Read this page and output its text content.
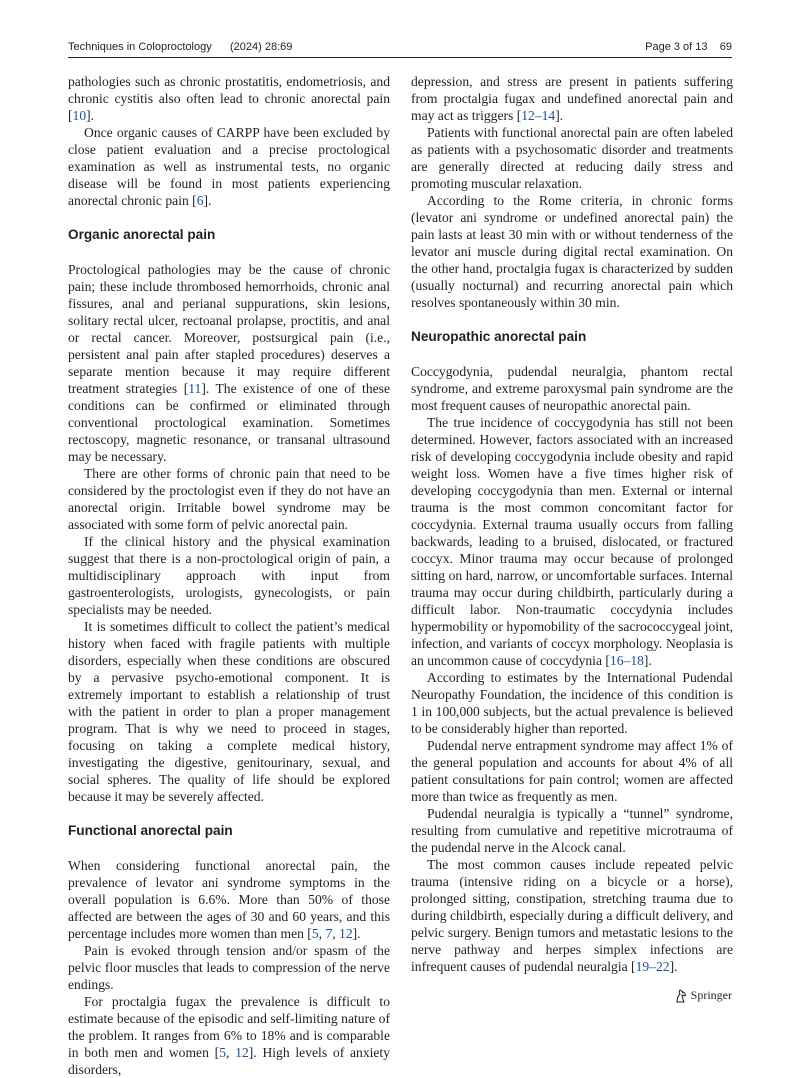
Techniques in Coloproctology (2024) 28:69	Page 3 of 13    69

pathologies such as chronic prostatitis, endometriosis, and chronic cystitis also often lead to chronic anorectal pain [10].

Once organic causes of CARPP have been excluded by close patient evaluation and a precise proctological examination as well as instrumental tests, no organic disease will be found in most patients experiencing anorectal chronic pain [6].

Organic anorectal pain

Proctological pathologies may be the cause of chronic pain; these include thrombosed hemorrhoids, chronic anal fissures, anal and perianal suppurations, skin lesions, solitary rectal ulcer, rectoanal prolapse, proctitis, and anal or rectal cancer. Moreover, postsurgical pain (i.e., persistent anal pain after stapled procedures) deserves a separate mention because it may require different treatment strategies [11]. The existence of one of these conditions can be confirmed or eliminated through conventional proctological examination. Sometimes rectoscopy, magnetic resonance, or transanal ultrasound may be necessary.

There are other forms of chronic pain that need to be considered by the proctologist even if they do not have an anorectal origin. Irritable bowel syndrome may be associated with some form of pelvic anorectal pain.

If the clinical history and the physical examination suggest that there is a non-proctological origin of pain, a multidisciplinary approach with input from gastroenterologists, urologists, gynecologists, or pain specialists may be needed.

It is sometimes difficult to collect the patient’s medical history when faced with fragile patients with multiple disorders, especially when these conditions are obscured by a pervasive psycho-emotional component. It is extremely important to establish a relationship of trust with the patient in order to plan a proper management program. That is why we need to proceed in stages, focusing on taking a complete medical history, investigating the digestive, genitourinary, sexual, and social spheres. The quality of life should be explored because it may be severely affected.

Functional anorectal pain

When considering functional anorectal pain, the prevalence of levator ani syndrome symptoms in the overall population is 6.6%. More than 50% of those affected are between the ages of 30 and 60 years, and this percentage includes more women than men [5, 7, 12].

Pain is evoked through tension and/or spasm of the pelvic floor muscles that leads to compression of the nerve endings.

For proctalgia fugax the prevalence is difficult to estimate because of the episodic and self-limiting nature of the problem. It ranges from 6% to 18% and is comparable in both men and women [5, 12]. High levels of anxiety disorders,

depression, and stress are present in patients suffering from proctalgia fugax and undefined anorectal pain and may act as triggers [12–14].

Patients with functional anorectal pain are often labeled as patients with a psychosomatic disorder and treatments are generally directed at reducing daily stress and promoting muscular relaxation.

According to the Rome criteria, in chronic forms (levator ani syndrome or undefined anorectal pain) the pain lasts at least 30 min with or without tenderness of the levator ani muscle during digital rectal examination. On the other hand, proctalgia fugax is characterized by sudden (usually nocturnal) and recurring anorectal pain which resolves spontaneously within 30 min.

Neuropathic anorectal pain

Coccygodynia, pudendal neuralgia, phantom rectal syndrome, and extreme paroxysmal pain syndrome are the most frequent causes of neuropathic anorectal pain.

The true incidence of coccygodynia has still not been determined. However, factors associated with an increased risk of developing coccygodynia include obesity and rapid weight loss. Women have a five times higher risk of developing coccygodynia than men. External or internal trauma is the most common concomitant factor for coccydynia. External trauma usually occurs from falling backwards, leading to a bruised, dislocated, or fractured coccyx. Minor trauma may occur because of prolonged sitting on hard, narrow, or uncomfortable surfaces. Internal trauma may occur during childbirth, particularly during a difficult labor. Non-traumatic coccydynia includes hypermobility or hypomobility of the sacrococcygeal joint, infection, and variants of coccyx morphology. Neoplasia is an uncommon cause of coccydynia [16–18].

According to estimates by the International Pudendal Neuropathy Foundation, the incidence of this condition is 1 in 100,000 subjects, but the actual prevalence is believed to be considerably higher than reported.

Pudendal nerve entrapment syndrome may affect 1% of the general population and accounts for about 4% of all patient consultations for pain control; women are affected more than twice as frequently as men.

Pudendal neuralgia is typically a “tunnel” syndrome, resulting from cumulative and repetitive microtrauma of the pudendal nerve in the Alcock canal.

The most common causes include repeated pelvic trauma (intensive riding on a bicycle or a horse), prolonged sitting, constipation, stretching trauma due to during childbirth, especially during a difficult delivery, and pelvic surgery. Benign tumors and metastatic lesions to the nerve pathway and herpes simplex infections are infrequent causes of pudendal neuralgia [19–22].

Springer
